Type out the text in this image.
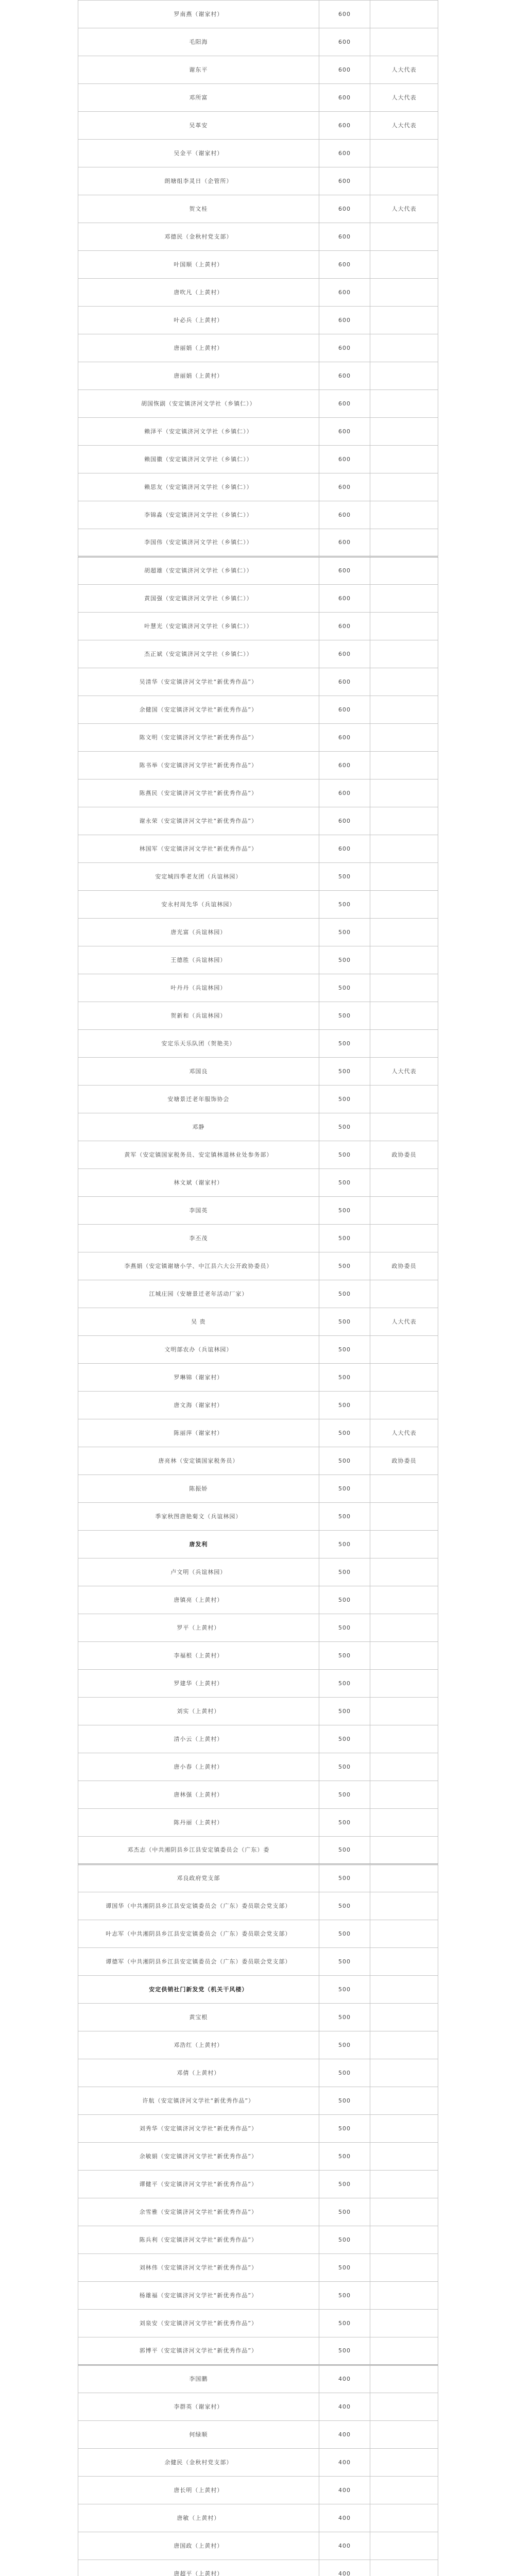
罗南燕（谢家村）	600	
毛阳海	600	
谢东平	600	人大代表
邓所富	600	人大代表
吴革安	600	人大代表
吴金平（谢家村）	600	
朗塘组李灵日（企管所）	600	
贺文桂	600	人大代表
邓德民（金秋村党支部）	600	
叶国顺（上黄村）	600	
唐吹凡（上黄村）	600	
叶必兵（上黄村）	600	
唐丽娟（上黄村）	600	
唐丽娟（上黄村）	600	
胡国恢副（安定镇济河文学社（乡镇仁））	600	
赖泽平（安定镇济河文学社（乡镇仁））	600	
赖国徽（安定镇济河文学社（乡镇仁））	600	
赖思友（安定镇济河文学社（乡镇仁））	600	
李锦淼（安定镇济河文学社（乡镇仁））	600	
李国伟（安定镇济河文学社（乡镇仁））	600	
胡超雄（安定镇济河文学社（乡镇仁））	600	
黄国强（安定镇济河文学社（乡镇仁））	600	
叶慧光（安定镇济河文学社（乡镇仁））	600	
杰正斌（安定镇济河文学社（乡镇仁））	600	
吴清华（安定镇济河文学社“新优秀作品”）	600	
余健国（安定镇济河文学社“新优秀作品”）	600	
陈文明（安定镇济河文学社“新优秀作品”）	600	
陈书举（安定镇济河文学社“新优秀作品”）	600	
陈燕民（安定镇济河文学社“新优秀作品”）	600	
谢永荣（安定镇济河文学社“新优秀作品”）	600	
林国军（安定镇济河文学社“新优秀作品”）	600	
安定城四季老友团（兵谊林园）	500	
安永村周先华（兵谊林园）	500	
唐光富（兵谊林园）	500	
王德胜（兵谊林园）	500	
叶丹丹（兵谊林园）	500	
贺新和（兵谊林园）	500	
安定乐天乐队团（贺艳美）	500	
邓国良	500	人大代表
安塘景迁老年服饰协会	500	
邓静	500	
黄军（安定镇国家税务员、安定镇林道林业处参务部）	500	政协委员
林文斌（谢家村）	500	
李国英	500	
李丕茂	500	
李燕娟（安定镇谢塘小学、中江县六大公开政协委员）	500	政协委员
江城庄园（安塘景迁老年活动厂家）	500	
吴 贵	500	人大代表
文明部农办（兵谊林园）	500	
罗琳锦（谢家村）	500	
唐文海（谢家村）	500	
陈丽萍（谢家村）	500	人大代表
唐亮林（安定镇国家税务员）	500	政协委员
陈振娇	500	
季家秋图唐艳菊文（兵谊林园）	500	
唐发利	500	
卢文明（兵谊林园）	500	
唐镇亮（上黄村）	500	
罗平（上黄村）	500	
李福根（上黄村）	500	
罗建华（上黄村）	500	
刘实（上黄村）	500	
清小云（上黄村）	500	
唐小春（上黄村）	500	
唐林强（上黄村）	500	
陈丹丽（上黄村）	500	
邓杰志（中共湘阴县乡江县安定镇委员会（广东）委	500	
邓良政府党支部	500	
谭国华（中共湘阴县乡江县安定镇委员会（广东）委员联会党支部）	500	
叶志军（中共湘阴县乡江县安定镇委员会（广东）委员联会党支部）	500	
谭德军（中共湘阴县乡江县安定镇委员会（广东）委员联会党支部）	500	
安定供销社门新发党（机关干风楼）	500	
黄宝根	500	
邓浩红（上黄村）	500	
邓倩（上黄村）	500	
许航（安定镇济河文学社“新优秀作品”）	500	
刘秀华（安定镇济河文学社“新优秀作品”）	500	
余敏娟（安定镇济河文学社“新优秀作品”）	500	
谭健平（安定镇济河文学社“新优秀作品”）	500	
余雪雅（安定镇济河文学社“新优秀作品”）	500	
陈兵利（安定镇济河文学社“新优秀作品”）	500	
刘林伟（安定镇济河文学社“新优秀作品”）	500	
杨雄福（安定镇济河文学社“新优秀作品”）	500	
刘泉安（安定镇济河文学社“新优秀作品”）	500	
郭博平（安定镇济河文学社“新优秀作品”）	500	
李国鹏	400	
李群英（谢家村）	400	
何绿顺	400	
余健民（金秋村党支部）	400	
唐长明（上黄村）	400	
唐敏（上黄村）	400	
唐国政（上黄村）	400	
唐超平（上黄村）	400	
